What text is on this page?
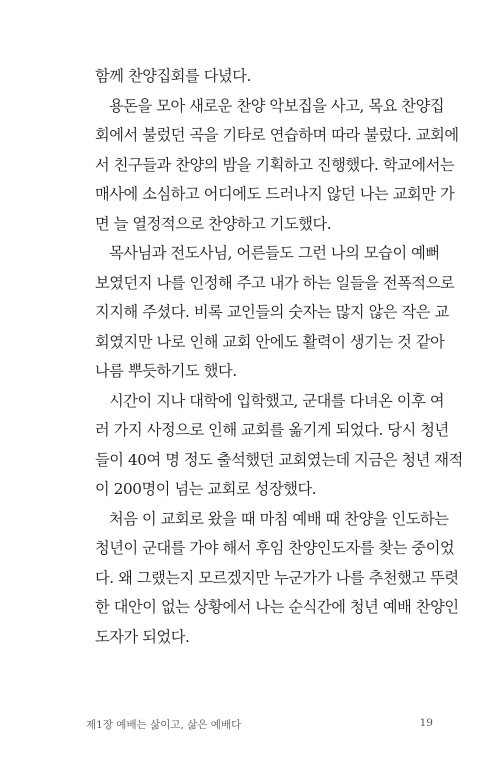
함께 찬양집회를 다녔다.
용돈을 모아 새로운 찬양 악보집을 사고, 목요 찬양집
회에서 불렀던 곡을 기타로 연습하며 따라 불렀다. 교회에
서 친구들과 찬양의 밤을 기획하고 진행했다. 학교에서는
매사에 소심하고 어디에도 드러나지 않던 나는 교회만 가
면 늘 열정적으로 찬양하고 기도했다.
목사님과 전도사님, 어른들도 그런 나의 모습이 예뻐
보였던지 나를 인정해 주고 내가 하는 일들을 전폭적으로
지지해 주셨다. 비록 교인들의 숫자는 많지 않은 작은 교
회였지만 나로 인해 교회 안에도 활력이 생기는 것 같아
나름 뿌듯하기도 했다.
시간이 지나 대학에 입학했고, 군대를 다녀온 이후 여
러 가지 사정으로 인해 교회를 옮기게 되었다. 당시 청년
들이 40여 명 정도 출석했던 교회였는데 지금은 청년 재적
이 200명이 넘는 교회로 성장했다.
처음 이 교회로 왔을 때 마침 예배 때 찬양을 인도하는
청년이 군대를 가야 해서 후임 찬양인도자를 찾는 중이었
다. 왜 그랬는지 모르겠지만 누군가가 나를 추천했고 뚜렷
한 대안이 없는 상황에서 나는 순식간에 청년 예배 찬양인
도자가 되었다.
제1장 예배는 삶이고, 삶은 예배다	19
